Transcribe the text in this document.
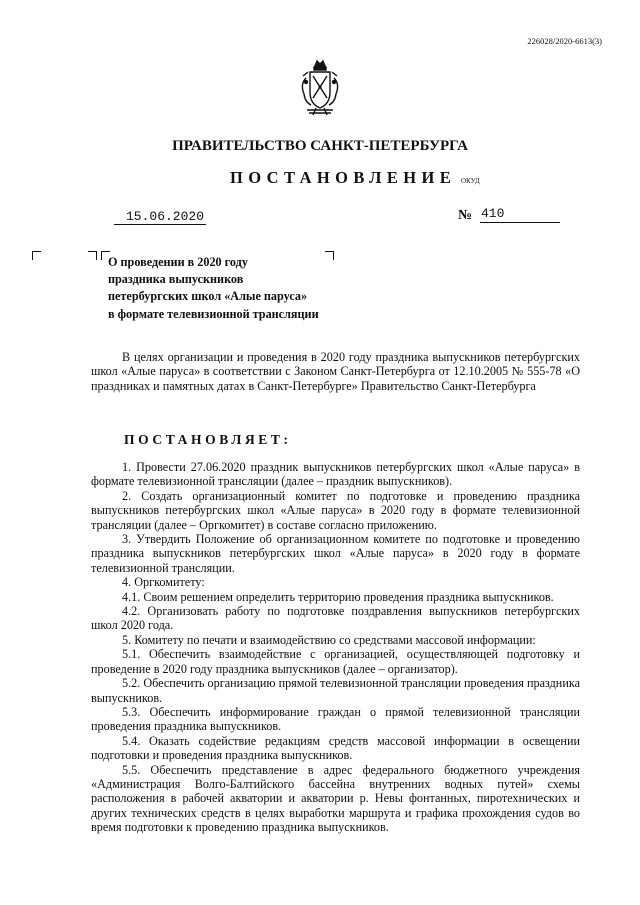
226028/2020-6613(3)
ПРАВИТЕЛЬСТВО САНКТ-ПЕТЕРБУРГА
ПОСТАНОВЛЕНИЕ ОКУД
15.06.2020	№ 410
О проведении в 2020 году
праздника выпускников
петербургских школ «Алые паруса»
в формате телевизионной трансляции
В целях организации и проведения в 2020 году праздника выпускников петербургских школ «Алые паруса» в соответствии с Законом Санкт-Петербурга от 12.10.2005 № 555-78 «О праздниках и памятных датах в Санкт-Петербурге» Правительство Санкт-Петербурга
ПОСТАНОВЛЯЕТ:
1. Провести 27.06.2020 праздник выпускников петербургских школ «Алые паруса» в формате телевизионной трансляции (далее – праздник выпускников).
2. Создать организационный комитет по подготовке и проведению праздника выпускников петербургских школ «Алые паруса» в 2020 году в формате телевизионной трансляции (далее – Оргкомитет) в составе согласно приложению.
3. Утвердить Положение об организационном комитете по подготовке и проведению праздника выпускников петербургских школ «Алые паруса» в 2020 году в формате телевизионной трансляции.
4. Оргкомитету:
4.1. Своим решением определить территорию проведения праздника выпускников.
4.2. Организовать работу по подготовке поздравления выпускников петербургских школ 2020 года.
5. Комитету по печати и взаимодействию со средствами массовой информации:
5.1. Обеспечить взаимодействие с организацией, осуществляющей подготовку и проведение в 2020 году праздника выпускников (далее – организатор).
5.2. Обеспечить организацию прямой телевизионной трансляции проведения праздника выпускников.
5.3. Обеспечить информирование граждан о прямой телевизионной трансляции проведения праздника выпускников.
5.4. Оказать содействие редакциям средств массовой информации в освещении подготовки и проведения праздника выпускников.
5.5. Обеспечить представление в адрес федерального бюджетного учреждения «Администрация Волго-Балтийского бассейна внутренних водных путей» схемы расположения в рабочей акватории и акватории р. Невы фонтанных, пиротехнических и других технических средств в целях выработки маршрута и графика прохождения судов во время подготовки к проведению праздника выпускников.
